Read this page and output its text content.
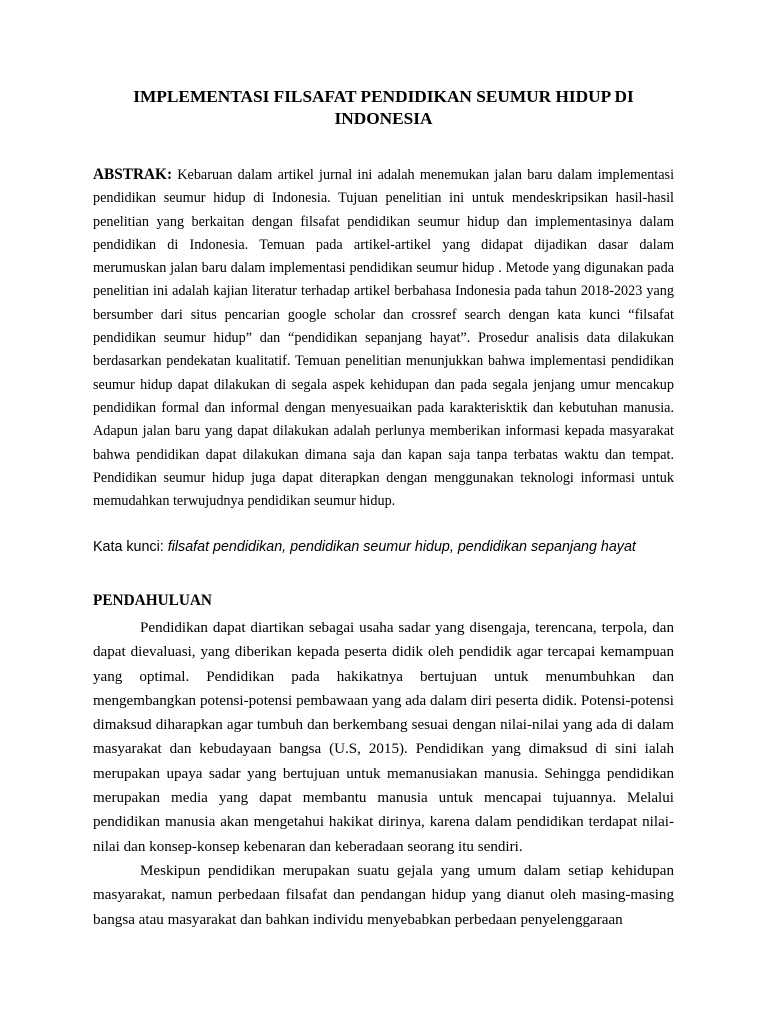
IMPLEMENTASI FILSAFAT PENDIDIKAN SEUMUR HIDUP DI INDONESIA

ABSTRAK: Kebaruan dalam artikel jurnal ini adalah menemukan jalan baru dalam implementasi pendidikan seumur hidup di Indonesia. Tujuan penelitian ini untuk mendeskripsikan hasil-hasil penelitian yang berkaitan dengan filsafat pendidikan seumur hidup dan implementasinya dalam pendidikan di Indonesia. Temuan pada artikel-artikel yang didapat dijadikan dasar dalam merumuskan jalan baru dalam implementasi pendidikan seumur hidup . Metode yang digunakan pada penelitian ini adalah kajian literatur terhadap artikel berbahasa Indonesia pada tahun 2018-2023 yang bersumber dari situs pencarian google scholar dan crossref search dengan kata kunci “filsafat pendidikan seumur hidup” dan “pendidikan sepanjang hayat”. Prosedur analisis data dilakukan berdasarkan pendekatan kualitatif. Temuan penelitian menunjukkan bahwa implementasi pendidikan seumur hidup dapat dilakukan di segala aspek kehidupan dan pada segala jenjang umur mencakup pendidikan formal dan informal dengan menyesuaikan pada karakterisktik dan kebutuhan manusia. Adapun jalan baru yang dapat dilakukan adalah perlunya memberikan informasi kepada masyarakat bahwa pendidikan dapat dilakukan dimana saja dan kapan saja tanpa terbatas waktu dan tempat. Pendidikan seumur hidup juga dapat diterapkan dengan menggunakan teknologi informasi untuk memudahkan terwujudnya pendidikan seumur hidup.

Kata kunci: filsafat pendidikan, pendidikan seumur hidup, pendidikan sepanjang hayat

PENDAHULUAN

Pendidikan dapat diartikan sebagai usaha sadar yang disengaja, terencana, terpola, dan dapat dievaluasi, yang diberikan kepada peserta didik oleh pendidik agar tercapai kemampuan yang optimal. Pendidikan pada hakikatnya bertujuan untuk menumbuhkan dan mengembangkan potensi-potensi pembawaan yang ada dalam diri peserta didik. Potensi-potensi dimaksud diharapkan agar tumbuh dan berkembang sesuai dengan nilai-nilai yang ada di dalam masyarakat dan kebudayaan bangsa (U.S, 2015). Pendidikan yang dimaksud di sini ialah merupakan upaya sadar yang bertujuan untuk memanusiakan manusia. Sehingga pendidikan merupakan media yang dapat membantu manusia untuk mencapai tujuannya. Melalui pendidikan manusia akan mengetahui hakikat dirinya, karena dalam pendidikan terdapat nilai-nilai dan konsep-konsep kebenaran dan keberadaan seorang itu sendiri.

Meskipun pendidikan merupakan suatu gejala yang umum dalam setiap kehidupan masyarakat, namun perbedaan filsafat dan pendangan hidup yang dianut oleh masing-masing bangsa atau masyarakat dan bahkan individu menyebabkan perbedaan penyelenggaraan
